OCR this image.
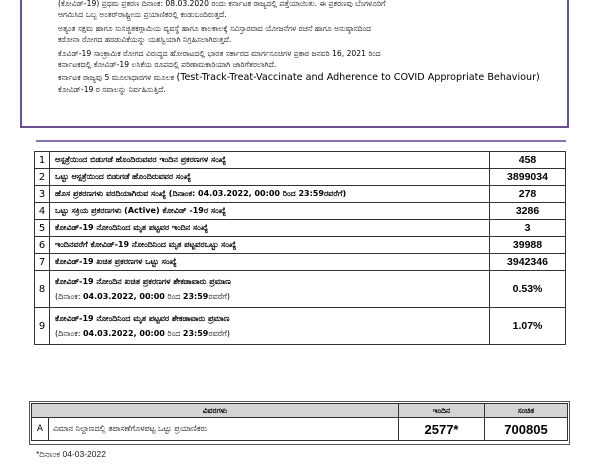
(ಕೋವಿಡ್-19) ಪ್ರಥಮ ಪ್ರಕರಣ ದಿನಾಂಕ: 08.03.2020 ರಂದು ಕರ್ನಾಟಕ ರಾಜ್ಯದಲ್ಲಿ ಪತ್ತೆಯಾಯಿತು. ಈ ಪ್ರಕರಣವು ಬೆಂಗಳೂರಿಗೆ

ಆಗಮಿಸಿದ ಒಬ್ಬ ಅಂತರ್‌ರಾಷ್ಟ್ರೀಯ ಪ್ರಯಾಣಿಕರಲ್ಲಿ ಕಂಡುಬಂದಿರುತ್ತದೆ.

ಅತ್ಯಂತ ಸಕ್ಷಮ ಹಾಗೂ ಸುಸಜ್ಜಿತಕಗ್ಗಾಮಿಯ ವ್ಯವಸ್ಥೆ ಹಾಗೂ ಕಾಲಕಾಲಕ್ಕೆ ಸವಿಸ್ತಾರವಾದ ಯೋಜನೆಗಳ ರಚನೆ ಹಾಗೂ ಅನುಷ್ಠಾನದಿಂದ

ಕರೋನಾ ರೋಗದ ಹರಡುವಿಕೆಯನ್ನು ಯಶಸ್ವಿಯಾಗಿ ನಿಗ್ರಹಿಸಲಾಗಿರುತ್ತದೆ.

ಕೊವಿಡ್-19 ಸಾಂಕ್ರಾಮಿಕ ರೋಗದ ವಿರುದ್ಧದ ಹೋರಾಟದಲ್ಲಿ ಭಾರತ ಸರ್ಕಾರದ ಮಾರ್ಗಸೂಚಿಗಳ ಪ್ರಕಾರ ಜನವರಿ 16, 2021 ರಿಂದ

ಕರ್ನಾಟಕದಲ್ಲಿ ಕೋವಿಡ್-19 ಲಸಿಕೆಯ ರೂಪದಲ್ಲಿ ಪರಿಣಾಮಕಾರಿಯಾಗಿ ಜಾರಿಗೆತರಲಾಗಿದೆ.

ಕರ್ನಾಟಕ ರಾಜ್ಯವು 5 ಮೂಲಾಧಾರಗಳ ಮೂಲಕ (Test-Track-Treat-Vaccinate and Adherence to COVID Appropriate Behaviour) ಕೋವಿಡ್-19 ರ ಸವಾಲನ್ನು ನಿರ್ವಹಿಸುತ್ತಿದೆ.

1	ಆಸ್ಪತ್ರೆಯಿಂದ ಬಿಡುಗಡೆ ಹೊಂದಿರುವವರ ಇಂದಿನ ಪ್ರಕರಣಗಳ ಸಂಖ್ಯೆ	458
2	ಒಟ್ಟು ಆಸ್ಪತ್ರೆಯಿಂದ ಬಿಡುಗಡೆ ಹೊಂದಿರುವವರ ಸಂಖ್ಯೆ	3899034
3	ಹೊಸ ಪ್ರಕರಣಗಳು ವರದಿಯಾಗಿರುವ ಸಂಖ್ಯೆ (ದಿನಾಂಕ: 04.03.2022, 00:00 ರಿಂದ 23:59ರವರೆಗೆ)	278
4	ಒಟ್ಟು ಸಕ್ರಿಯ ಪ್ರಕರಣಗಳು (Active) ಕೋವಿಡ್ -19ರ ಸಂಖ್ಯೆ	3286
5	ಕೋವಿಡ್-19 ನೋಂದಿನಿಂದ ಮೃತ ಪಟ್ಟವರ ಇಂದಿನ ಸಂಖ್ಯೆ	3
6	ಇಂದಿನವರೆಗೆ ಕೋವಿಡ್-19 ನೋಂದಿನಿಂದ ಮೃತ ಪಟ್ಟವರಒಟ್ಟು ಸಂಖ್ಯೆ	39988
7	ಕೋವಿಡ್-19 ಖಚಿತ ಪ್ರಕರಣಗಳ ಒಟ್ಟು ಸಂಖ್ಯೆ	3942346
8	ಕೋವಿಡ್-19 ನೋಂದಿನ ಖಚಿತ ಪ್ರಕರಣಗಳ ಶೇಕಡಾವಾರು ಪ್ರಮಾಣ
(ದಿನಾಂಕ: 04.03.2022, 00:00 ರಿಂದ 23:59ರವರೆಗೆ)	0.53%
9	ಕೋವಿಡ್-19 ನೋಂದಿನಿಂದ ಮೃತ ಪಟ್ಟವರ ಶೇಕಡಾವಾರು ಪ್ರಮಾಣ
(ದಿನಾಂಕ: 04.03.2022, 00:00 ರಿಂದ 23:59ರವರೆಗೆ)	1.07%
ವಿವರಗಳು		ಇಂದಿನ	ಸಂಚಿತ
A	ವಿಮಾನ ನಿಲ್ದಾಣದಲ್ಲಿ ತಪಾಸಣೆಗೊಳಪಟ್ಟ ಒಟ್ಟು ಪ್ರಯಾಣಿಕರು	2577*	700805
*ದಿನಾಂಕ 04-03-2022
